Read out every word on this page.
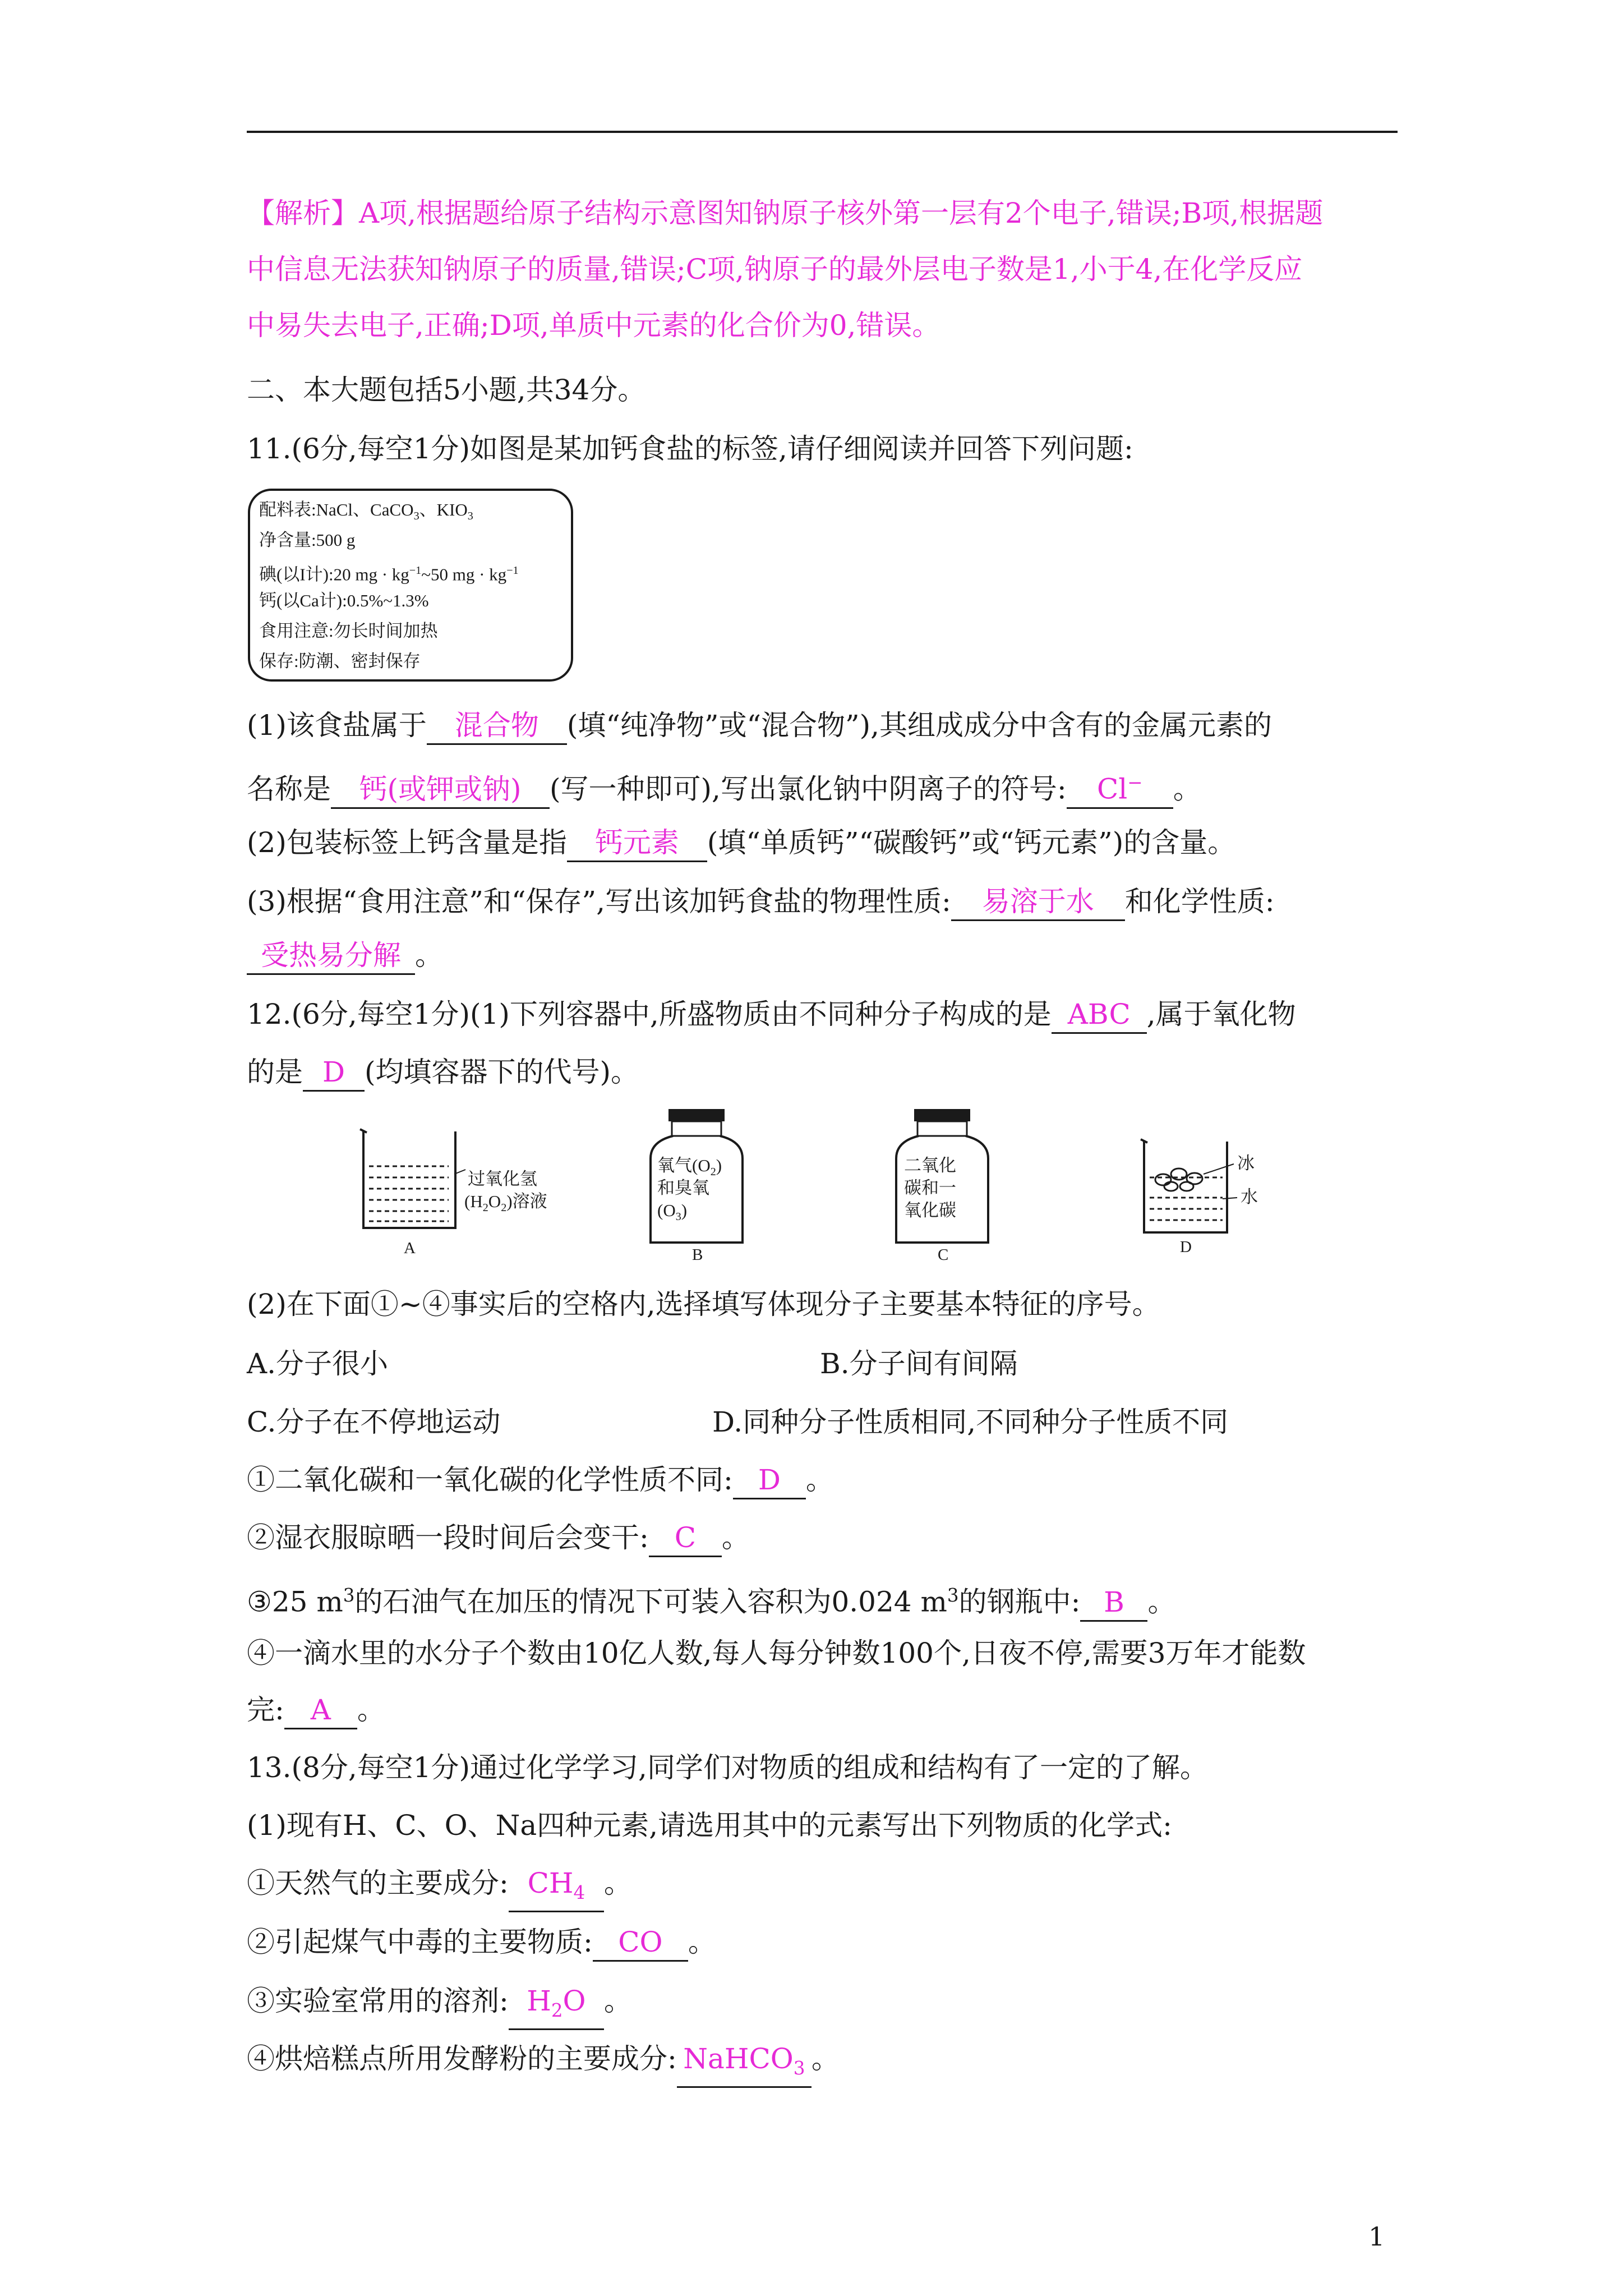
【解析】A项,根据题给原子结构示意图知钠原子核外第一层有2个电子,错误;B项,根据题
中信息无法获知钠原子的质量,错误;C项,钠原子的最外层电子数是1,小于4,在化学反应
中易失去电子,正确;D项,单质中元素的化合价为0,错误。
二、本大题包括5小题,共34分。
11.(6分,每空1分)如图是某加钙食盐的标签,请仔细阅读并回答下列问题:
配料表:NaCl、CaCO$_3$、$KIO_3$
净含量:500 g
碘(以I计):20 mg · $kg^{-1}\sim 50$ mg · $kg^{-1}$
钙(以Ca计):0.5%~1.3%
食用注意:勿长时间加热
保存:防潮、密封保存
(1)该食盐属于 混合物 (填“纯净物”或“混合物”),其组成成分中含有的金属元素的
名称是 钙(或钾或钠) (写一种即可),写出氯化钠中阴离子的符号: Cl− 。
(2)包装标签上钙含量是指 钙元素 (填“单质钙”“碳酸钙”或“钙元素”)的含量。
(3)根据“食用注意”和“保存”,写出该加钙食盐的物理性质: 易溶于水 和化学性质:
受热易分解 。
12.(6分,每空1分)(1)下列容器中,所盛物质由不同种分子构成的是 ABC ,属于氧化物
的是 D (均填容器下的代号)。
过氧化氢
$(H_2O_2)$溶液
氧气$(O_2)$
和臭氧
$(O_3)$
二氧化
碳和一
氧化碳
冰
水
A	B	C	D
(2)在下面①~④事实后的空格内,选择填写体现分子主要基本特征的序号。
A.分子很小	B.分子间有间隔
C.分子在不停地运动	D.同种分子性质相同,不同种分子性质不同
①二氧化碳和一氧化碳的化学性质不同: D 。
②湿衣服晾晒一段时间后会变干: C 。
③25 $m^3$的石油气在加压的情况下可装入容积为0.024 $m^3$的钢瓶中: B 。
④一滴水里的水分子个数由10亿人数,每人每分钟数100个,日夜不停,需要3万年才能数
完: A 。
13.(8分,每空1分)通过化学学习,同学们对物质的组成和结构有了一定的了解。
(1)现有H、C、O、Na四种元素,请选用其中的元素写出下列物质的化学式:
①天然气的主要成分: $CH_4$ 。
②引起煤气中毒的主要物质: CO 。
③实验室常用的溶剂: $H_2O$ 。
④烘焙糕点所用发酵粉的主要成分: NaHCO$_3$ 。
1
